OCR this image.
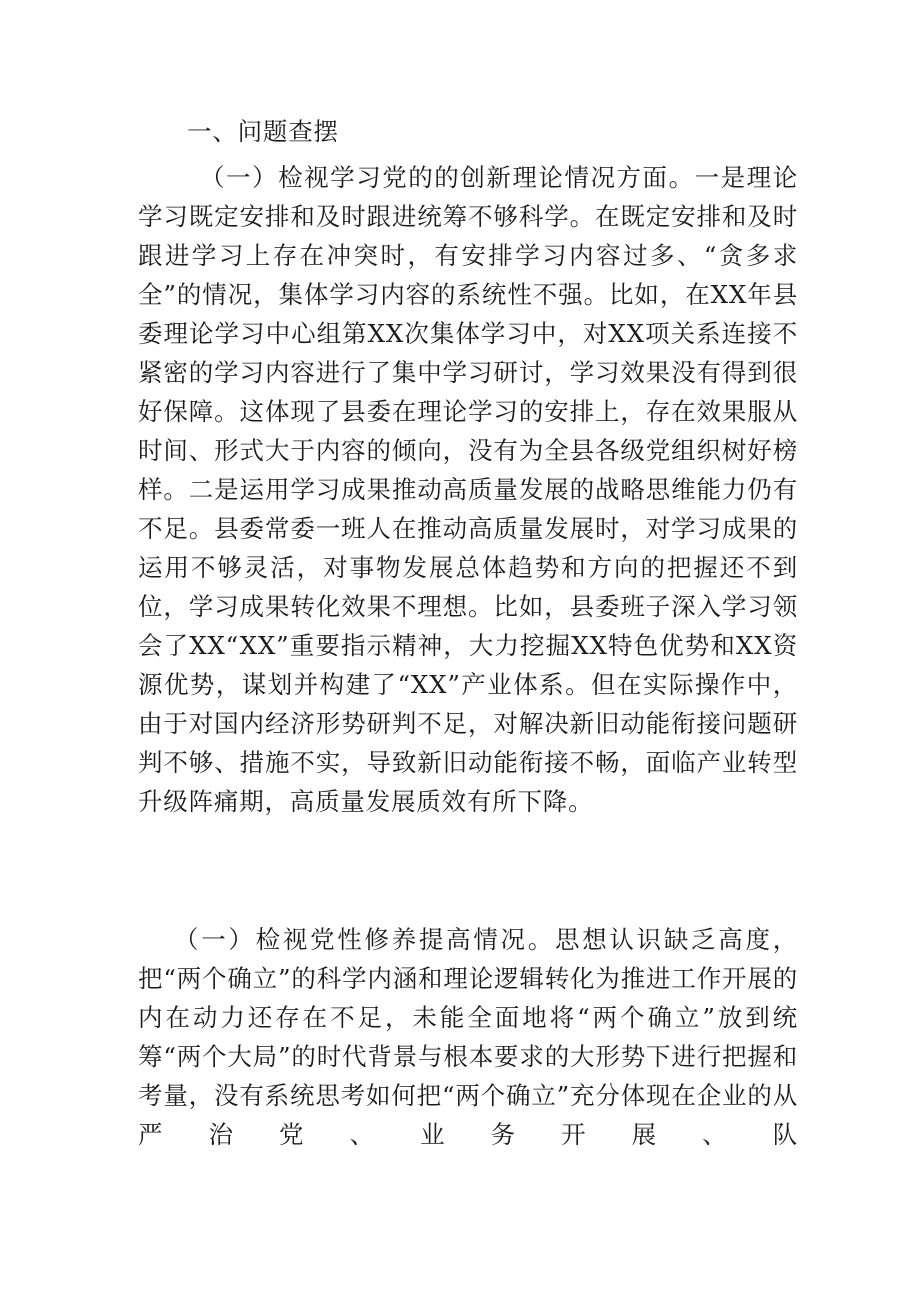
一、问题查摆

（一）检视学习党的的创新理论情况方面。一是理论学习既定安排和及时跟进统筹不够科学。在既定安排和及时跟进学习上存在冲突时，有安排学习内容过多、“贪多求全”的情况，集体学习内容的系统性不强。比如，在XX年县委理论学习中心组第XX次集体学习中，对XX项关系连接不紧密的学习内容进行了集中学习研讨，学习效果没有得到很好保障。这体现了县委在理论学习的安排上，存在效果服从时间、形式大于内容的倾向，没有为全县各级党组织树好榜样。二是运用学习成果推动高质量发展的战略思维能力仍有不足。县委常委一班人在推动高质量发展时，对学习成果的运用不够灵活，对事物发展总体趋势和方向的把握还不到位，学习成果转化效果不理想。比如，县委班子深入学习领会了XX“XX”重要指示精神，大力挖掘XX特色优势和XX资源优势，谋划并构建了“XX”产业体系。但在实际操作中，由于对国内经济形势研判不足，对解决新旧动能衔接问题研判不够、措施不实，导致新旧动能衔接不畅，面临产业转型升级阵痛期，高质量发展质效有所下降。

（一）检视党性修养提高情况。思想认识缺乏高度，把“两个确立”的科学内涵和理论逻辑转化为推进工作开展的内在动力还存在不足，未能全面地将“两个确立”放到统筹“两个大局”的时代背景与根本要求的大形势下进行把握和考量，没有系统思考如何把“两个确立”充分体现在企业的从严治党、业务开展、队
